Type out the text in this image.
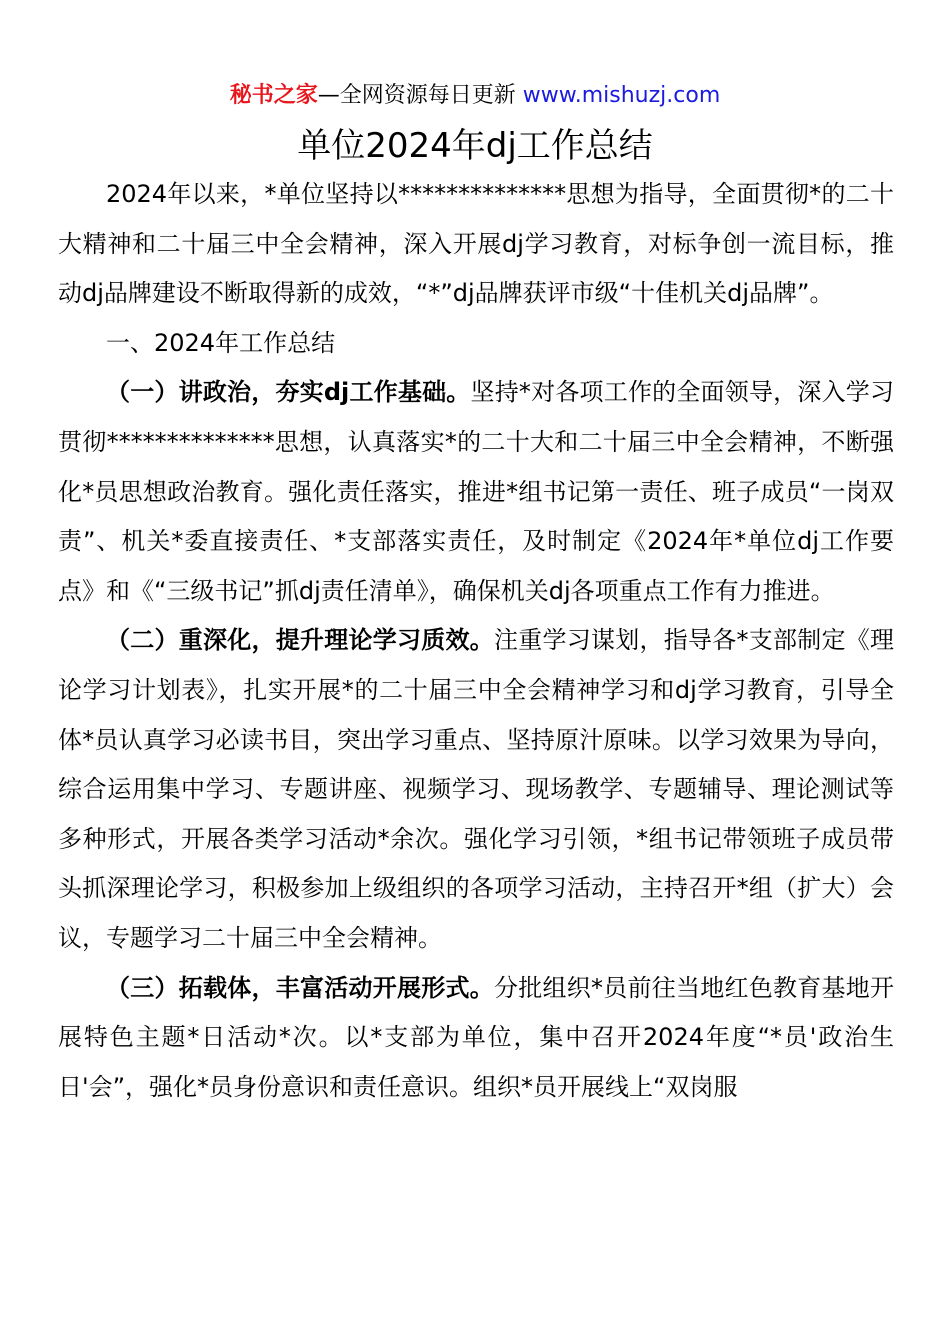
秘书之家—全网资源每日更新 www.mishuzj.com
单位2024年dj工作总结

2024年以来，*单位坚持以**************思想为指导，全面贯彻*的二十大精神和二十届三中全会精神，深入开展dj学习教育，对标争创一流目标，推动dj品牌建设不断取得新的成效，“*”dj品牌获评市级“十佳机关dj品牌”。

一、2024年工作总结

（一）讲政治，夯实dj工作基础。坚持*对各项工作的全面领导，深入学习贯彻**************思想，认真落实*的二十大和二十届三中全会精神，不断强化*员思想政治教育。强化责任落实，推进*组书记第一责任、班子成员“一岗双责”、机关*委直接责任、*支部落实责任，及时制定《2024年*单位dj工作要点》和《“三级书记”抓dj责任清单》，确保机关dj各项重点工作有力推进。

（二）重深化，提升理论学习质效。注重学习谋划，指导各*支部制定《理论学习计划表》，扎实开展*的二十届三中全会精神学习和dj学习教育，引导全体*员认真学习必读书目，突出学习重点、坚持原汁原味。以学习效果为导向，综合运用集中学习、专题讲座、视频学习、现场教学、专题辅导、理论测试等多种形式，开展各类学习活动*余次。强化学习引领，*组书记带领班子成员带头抓深理论学习，积极参加上级组织的各项学习活动，主持召开*组（扩大）会议，专题学习二十届三中全会精神。

（三）拓载体，丰富活动开展形式。分批组织*员前往当地红色教育基地开展特色主题*日活动*次。以*支部为单位，集中召开2024年度“*员'政治生日'会”，强化*员身份意识和责任意识。组织*员开展线上“双岗服
